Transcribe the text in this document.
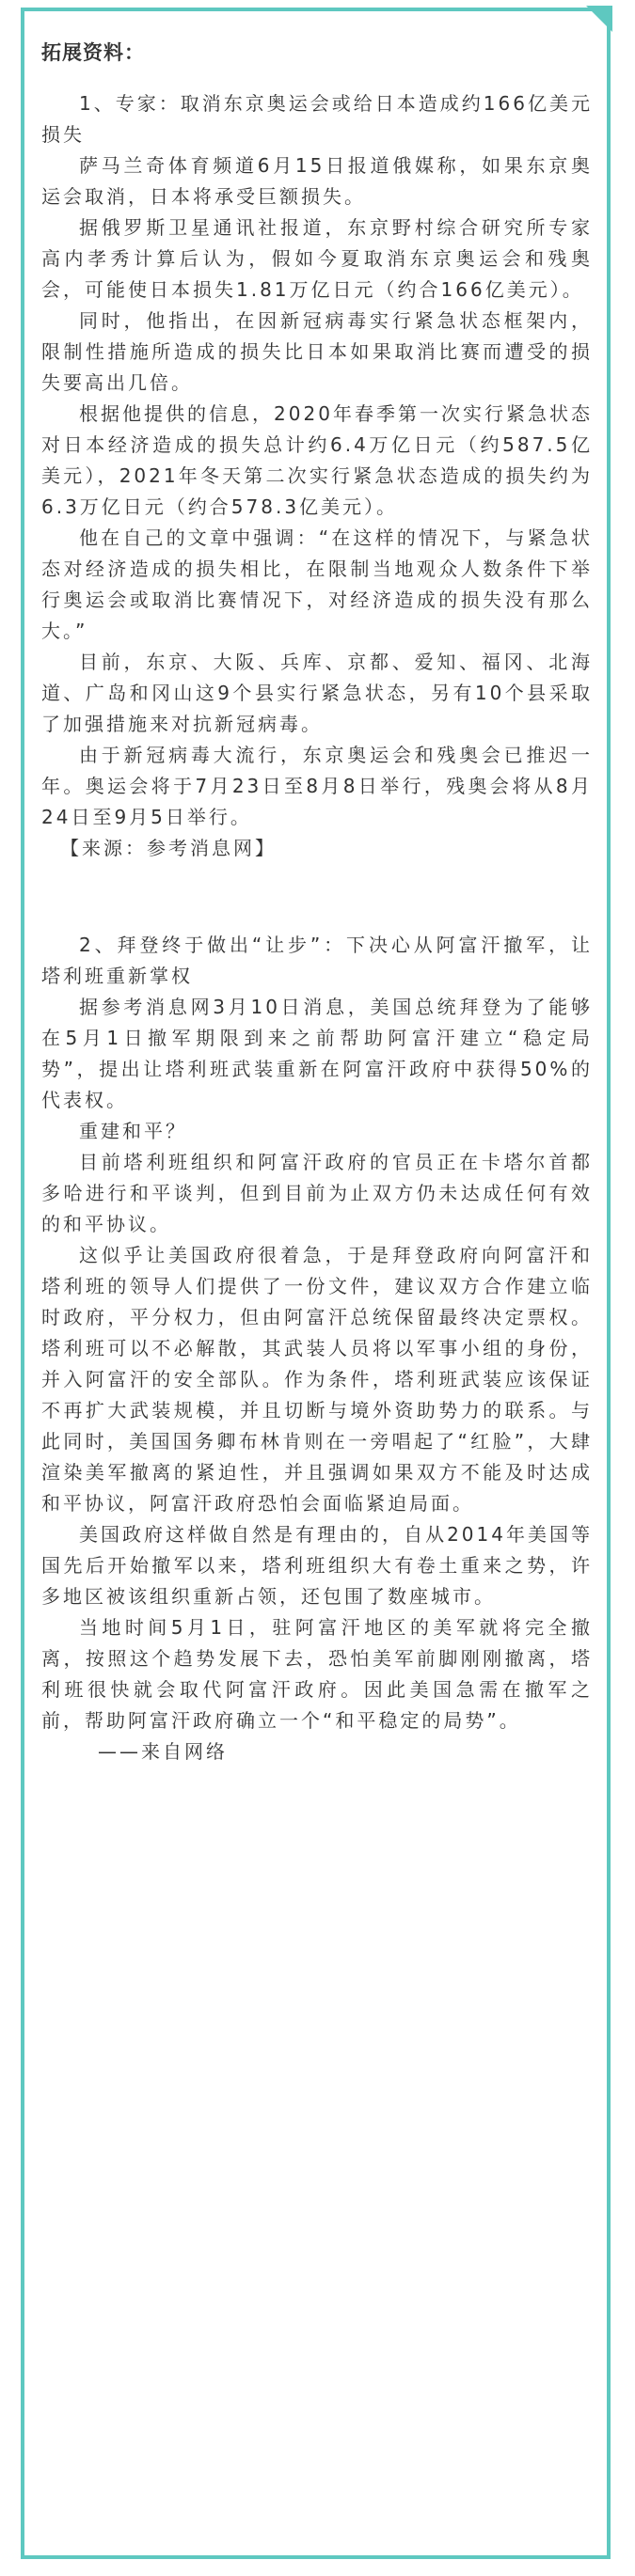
拓展资料：
1、专家：取消东京奥运会或给日本造成约166亿美元损失
萨马兰奇体育频道6月15日报道俄媒称，如果东京奥运会取消，日本将承受巨额损失。
据俄罗斯卫星通讯社报道，东京野村综合研究所专家高内孝秀计算后认为，假如今夏取消东京奥运会和残奥会，可能使日本损失1.81万亿日元（约合166亿美元）。
同时，他指出，在因新冠病毒实行紧急状态框架内，限制性措施所造成的损失比日本如果取消比赛而遭受的损失要高出几倍。
根据他提供的信息，2020年春季第一次实行紧急状态对日本经济造成的损失总计约6.4万亿日元（约587.5亿美元），2021年冬天第二次实行紧急状态造成的损失约为6.3万亿日元（约合578.3亿美元）。
他在自己的文章中强调：“在这样的情况下，与紧急状态对经济造成的损失相比，在限制当地观众人数条件下举行奥运会或取消比赛情况下，对经济造成的损失没有那么大。”
目前，东京、大阪、兵库、京都、爱知、福冈、北海道、广岛和冈山这9个县实行紧急状态，另有10个县采取了加强措施来对抗新冠病毒。
由于新冠病毒大流行，东京奥运会和残奥会已推迟一年。奥运会将于7月23日至8月8日举行，残奥会将从8月24日至9月5日举行。
【来源：参考消息网】
2、拜登终于做出“让步”：下决心从阿富汗撤军，让塔利班重新掌权
据参考消息网3月10日消息，美国总统拜登为了能够在5月1日撤军期限到来之前帮助阿富汗建立“稳定局势”，提出让塔利班武装重新在阿富汗政府中获得50%的代表权。
重建和平？
目前塔利班组织和阿富汗政府的官员正在卡塔尔首都多哈进行和平谈判，但到目前为止双方仍未达成任何有效的和平协议。
这似乎让美国政府很着急，于是拜登政府向阿富汗和塔利班的领导人们提供了一份文件，建议双方合作建立临时政府，平分权力，但由阿富汗总统保留最终决定票权。塔利班可以不必解散，其武装人员将以军事小组的身份，并入阿富汗的安全部队。作为条件，塔利班武装应该保证不再扩大武装规模，并且切断与境外资助势力的联系。与此同时，美国国务卿布林肯则在一旁唱起了“红脸”，大肆渲染美军撤离的紧迫性，并且强调如果双方不能及时达成和平协议，阿富汗政府恐怕会面临紧迫局面。
美国政府这样做自然是有理由的，自从2014年美国等国先后开始撤军以来，塔利班组织大有卷土重来之势，许多地区被该组织重新占领，还包围了数座城市。
当地时间5月1日，驻阿富汗地区的美军就将完全撤离，按照这个趋势发展下去，恐怕美军前脚刚刚撤离，塔利班很快就会取代阿富汗政府。因此美国急需在撤军之前，帮助阿富汗政府确立一个“和平稳定的局势”。
——来自网络
